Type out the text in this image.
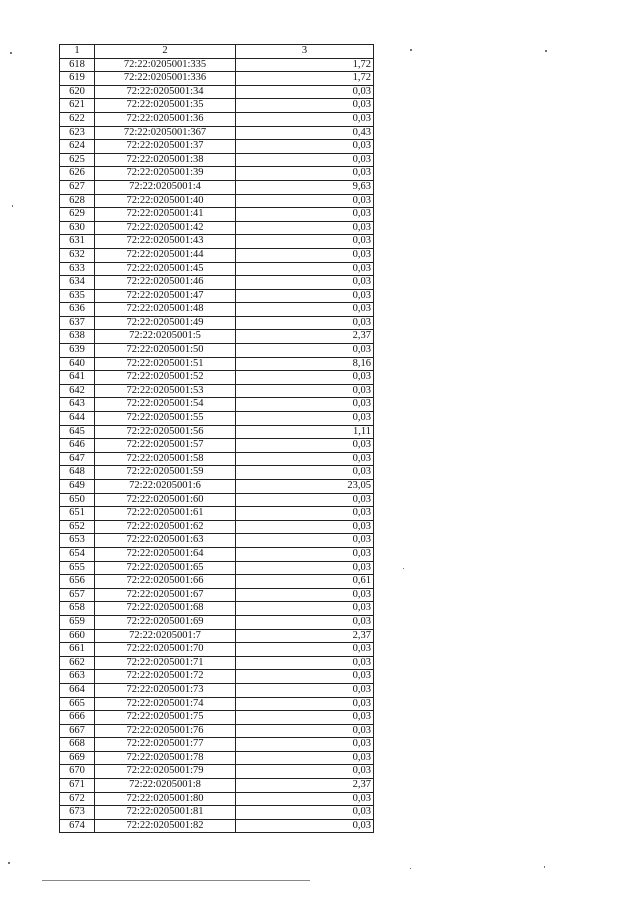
1	2	3
618	72:22:0205001:335	1,72
619	72:22:0205001:336	1,72
620	72:22:0205001:34	0,03
621	72:22:0205001:35	0,03
622	72:22:0205001:36	0,03
623	72:22:0205001:367	0,43
624	72:22:0205001:37	0,03
625	72:22:0205001:38	0,03
626	72:22:0205001:39	0,03
627	72:22:0205001:4	9,63
628	72:22:0205001:40	0,03
629	72:22:0205001:41	0,03
630	72:22:0205001:42	0,03
631	72:22:0205001:43	0,03
632	72:22:0205001:44	0,03
633	72:22:0205001:45	0,03
634	72:22:0205001:46	0,03
635	72:22:0205001:47	0,03
636	72:22:0205001:48	0,03
637	72:22:0205001:49	0,03
638	72:22:0205001:5	2,37
639	72:22:0205001:50	0,03
640	72:22:0205001:51	8,16
641	72:22:0205001:52	0,03
642	72:22:0205001:53	0,03
643	72:22:0205001:54	0,03
644	72:22:0205001:55	0,03
645	72:22:0205001:56	1,11
646	72:22:0205001:57	0,03
647	72:22:0205001:58	0,03
648	72:22:0205001:59	0,03
649	72:22:0205001:6	23,05
650	72:22:0205001:60	0,03
651	72:22:0205001:61	0,03
652	72:22:0205001:62	0,03
653	72:22:0205001:63	0,03
654	72:22:0205001:64	0,03
655	72:22:0205001:65	0,03
656	72:22:0205001:66	0,61
657	72:22:0205001:67	0,03
658	72:22:0205001:68	0,03
659	72:22:0205001:69	0,03
660	72:22:0205001:7	2,37
661	72:22:0205001:70	0,03
662	72:22:0205001:71	0,03
663	72:22:0205001:72	0,03
664	72:22:0205001:73	0,03
665	72:22:0205001:74	0,03
666	72:22:0205001:75	0,03
667	72:22:0205001:76	0,03
668	72:22:0205001:77	0,03
669	72:22:0205001:78	0,03
670	72:22:0205001:79	0,03
671	72:22:0205001:8	2,37
672	72:22:0205001:80	0,03
673	72:22:0205001:81	0,03
674	72:22:0205001:82	0,03
